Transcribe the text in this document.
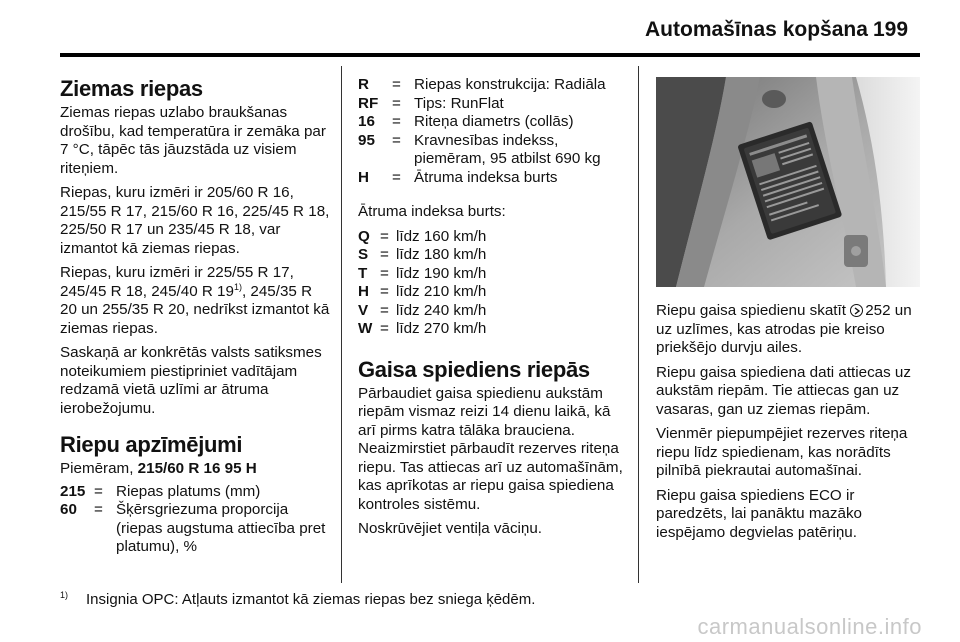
Automašīnas kopšana 199
Ziemas riepas

Ziemas riepas uzlabo braukšanas drošību, kad temperatūra ir zemāka par 7 °C, tāpēc tās jāuzstāda uz visiem riteņiem.

Riepas, kuru izmēri ir 205/60 R 16, 215/55 R 17, 215/60 R 16, 225/45 R 18, 225/50 R 17 un 235/45 R 18, var izmantot kā ziemas riepas.

Riepas, kuru izmēri ir 225/55 R 17, 245/45 R 18, 245/40 R 19$^{1)}$, 245/35 R 20 un 255/35 R 20, nedrīkst izmantot kā ziemas riepas.

Saskaņā ar konkrētās valsts satiksmes noteikumiem piestipriniet vadītājam redzamā vietā uzlīmi ar ātruma ierobežojumu.

Riepu apzīmējumi

Piemēram, 215/60 R 16 95 H

215 = Riepas platums (mm)
60	= Šķērsgriezuma proporcija (riepas augstuma attiecība pret platumu), %
R	= Riepas konstrukcija: Radiāla
RF = Tips: RunFlat
16	= Riteņa diametrs (collās)
95	= Kravnesības indekss, piemēram, 95 atbilst 690 kg
H	= Ātruma indeksa burts

Ātruma indeksa burts:

Q = līdz 160 km/h
S = līdz 180 km/h
T = līdz 190 km/h
H = līdz 210 km/h
V = līdz 240 km/h
W = līdz 270 km/h
Gaisa spiediens riepās

Pārbaudiet gaisa spiedienu aukstām riepām vismaz reizi 14 dienu laikā, kā arī pirms katra tālāka brauciena. Neaizmirstiet pārbaudīt rezerves riteņa riepu. Tas attiecas arī uz automašīnām, kas aprīkotas ar riepu gaisa spiediena kontroles sistēmu.

Noskrūvējiet ventiļa vāciņu.

Riepu gaisa spiedienu skatīt 252 un uz uzlīmes, kas atrodas pie kreiso priekšējo durvju ailes.

Riepu gaisa spiediena dati attiecas uz aukstām riepām. Tie attiecas gan uz vasaras, gan uz ziemas riepām.

Vienmēr piepumpējiet rezerves riteņa riepu līdz spiedienam, kas norādīts pilnībā piekrautai automašīnai.

Riepu gaisa spiediens ECO ir paredzēts, lai panāktu mazāko iespējamo degvielas patēriņu.

$^{1)}$ Insignia OPC: Atļauts izmantot kā ziemas riepas bez sniega ķēdēm.
carmanualsonline.info
